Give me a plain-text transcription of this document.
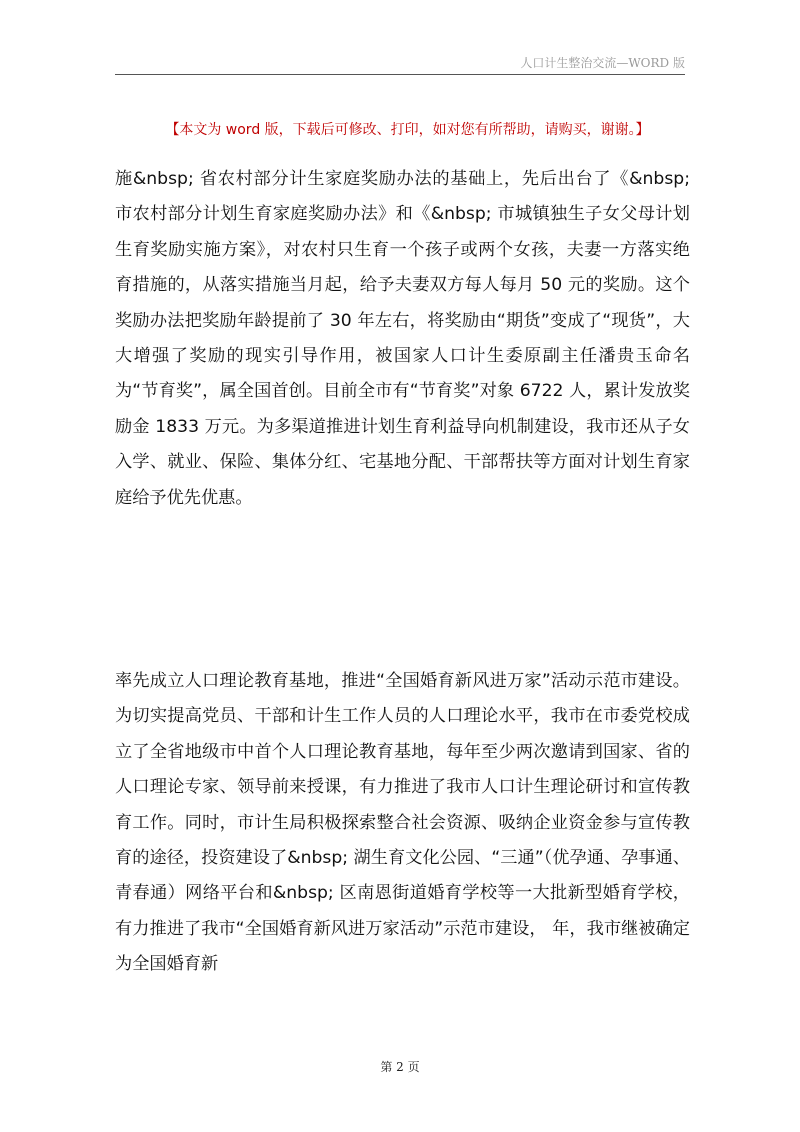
人口计生整治交流—WORD 版
【本文为 word 版，下载后可修改、打印，如对您有所帮助，请购买，谢谢。】

施&nbsp; 省农村部分计生家庭奖励办法的基础上，先后出台了《&nbsp; 市农村部分计划生育家庭奖励办法》和《&nbsp; 市城镇独生子女父母计划生育奖励实施方案》，对农村只生育一个孩子或两个女孩，夫妻一方落实绝育措施的，从落实措施当月起，给予夫妻双方每人每月 50 元的奖励。这个奖励办法把奖励年龄提前了 30 年左右，将奖励由“期货”变成了“现货”，大大增强了奖励的现实引导作用，被国家人口计生委原副主任潘贵玉命名为“节育奖”，属全国首创。目前全市有“节育奖”对象 6722 人，累计发放奖励金 1833 万元。为多渠道推进计划生育利益导向机制建设，我市还从子女入学、就业、保险、集体分红、宅基地分配、干部帮扶等方面对计划生育家庭给予优先优惠。

率先成立人口理论教育基地，推进“全国婚育新风进万家”活动示范市建设。为切实提高党员、干部和计生工作人员的人口理论水平，我市在市委党校成立了全省地级市中首个人口理论教育基地，每年至少两次邀请到国家、省的人口理论专家、领导前来授课，有力推进了我市人口计生理论研讨和宣传教育工作。同时，市计生局积极探索整合社会资源、吸纳企业资金参与宣传教育的途径，投资建设了&nbsp; 湖生育文化公园、“三通”（优孕通、孕事通、青春通）网络平台和&nbsp; 区南恩街道婚育学校等一大批新型婚育学校，有力推进了我市“全国婚育新风进万家活动”示范市建设， 年，我市继被确定为全国婚育新

第 2 页
